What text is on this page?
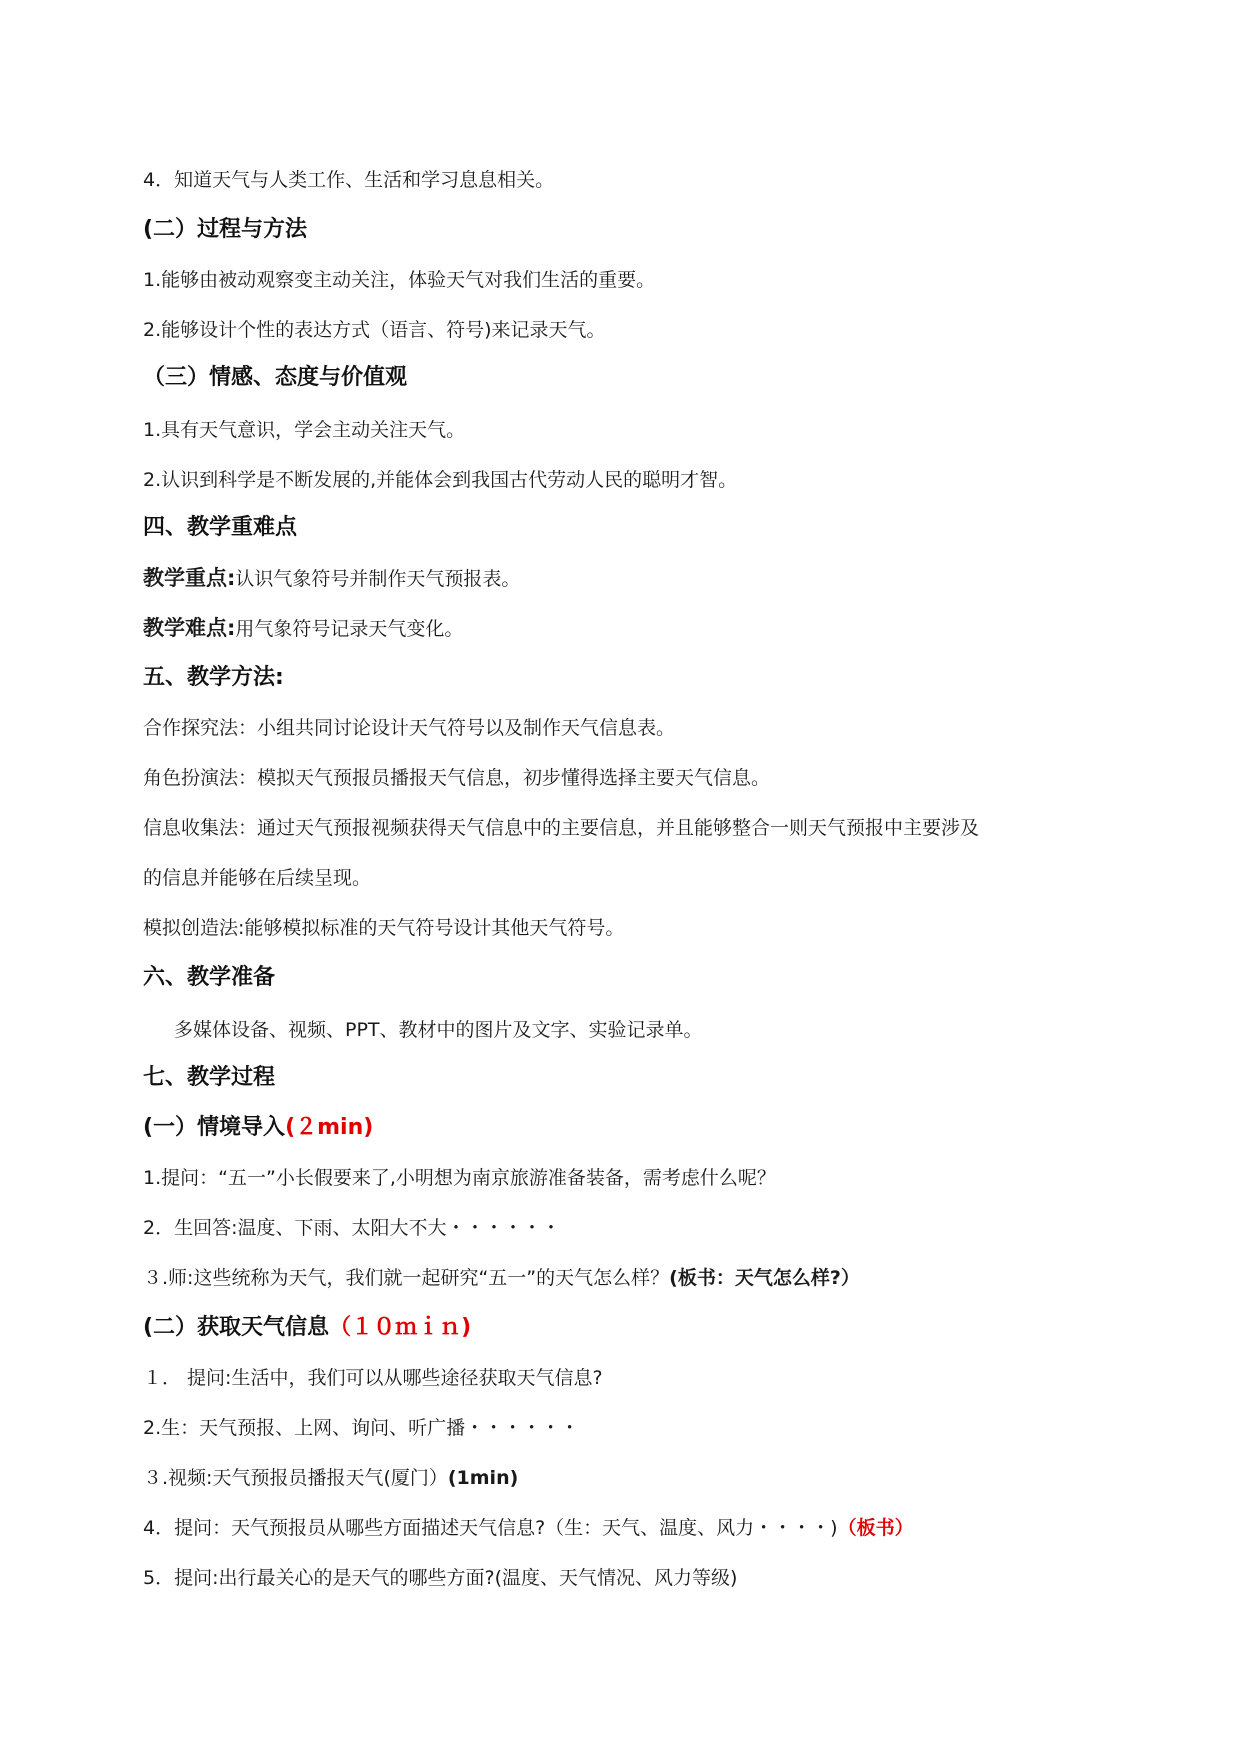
4．知道天气与人类工作、生活和学习息息相关。
(二）过程与方法
1.能够由被动观察变主动关注，体验天气对我们生活的重要。
2.能够设计个性的表达方式（语言、符号)来记录天气。
（三）情感、态度与价值观
1.具有天气意识，学会主动关注天气。
2.认识到科学是不断发展的,并能体会到我国古代劳动人民的聪明才智。
四、教学重难点
教学重点:认识气象符号并制作天气预报表。
教学难点:用气象符号记录天气变化。
五、教学方法:
合作探究法：小组共同讨论设计天气符号以及制作天气信息表。
角色扮演法：模拟天气预报员播报天气信息，初步懂得选择主要天气信息。
信息收集法：通过天气预报视频获得天气信息中的主要信息，并且能够整合一则天气预报中主要涉及
的信息并能够在后续呈现。
模拟创造法:能够模拟标准的天气符号设计其他天气符号。
六、教学准备
多媒体设备、视频、PPT、教材中的图片及文字、实验记录单。
七、教学过程
(一）情境导入(２min)
1.提问：“五一”小长假要来了,小明想为南京旅游准备装备，需考虑什么呢？
2．生回答:温度、下雨、太阳大不大・・・・・・
３.师:这些统称为天气，我们就一起研究“五一”的天气怎么样？(板书：天气怎么样?）
(二）获取天气信息（１０ｍｉｎ)
１． 提问:生活中，我们可以从哪些途径获取天气信息?
2.生：天气预报、上网、询问、听广播・・・・・・
３.视频:天气预报员播报天气(厦门）(1min)
4．提问：天气预报员从哪些方面描述天气信息?（生：天气、温度、风力・・・・)（板书）
5．提问:出行最关心的是天气的哪些方面?(温度、天气情况、风力等级)
